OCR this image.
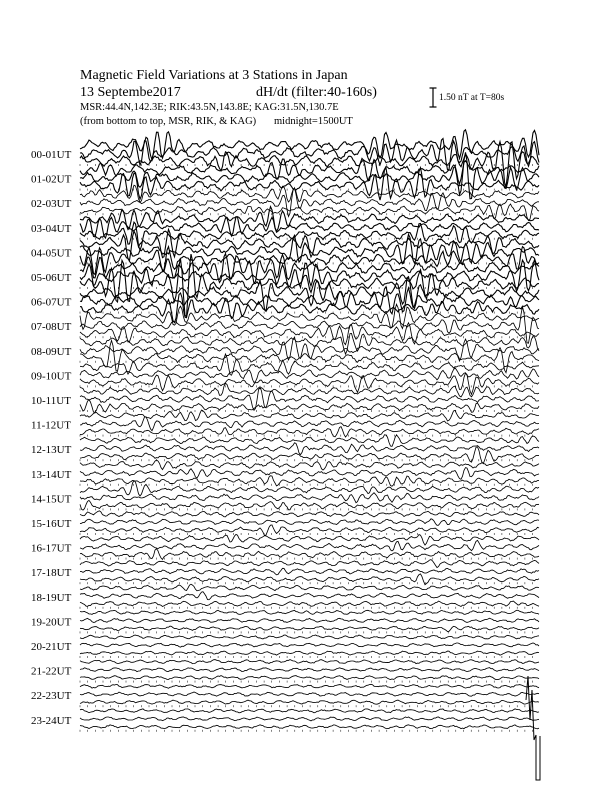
Magnetic Field Variations at 3 Stations in Japan
13 Septembe2017	dH/dt (filter:40-160s)
MSR:44.4N,142.3E; RIK:43.5N,143.8E; KAG:31.5N,130.7E
(from bottom to top, MSR, RIK, & KAG) midnight=1500UT
1.50 nT at T=80s
00-01UT
01-02UT
02-03UT
03-04UT
04-05UT
05-06UT
06-07UT
07-08UT
08-09UT
09-10UT
10-11UT
11-12UT
12-13UT
13-14UT
14-15UT
15-16UT
16-17UT
17-18UT
18-19UT
19-20UT
20-21UT
21-22UT
22-23UT
23-24UT
